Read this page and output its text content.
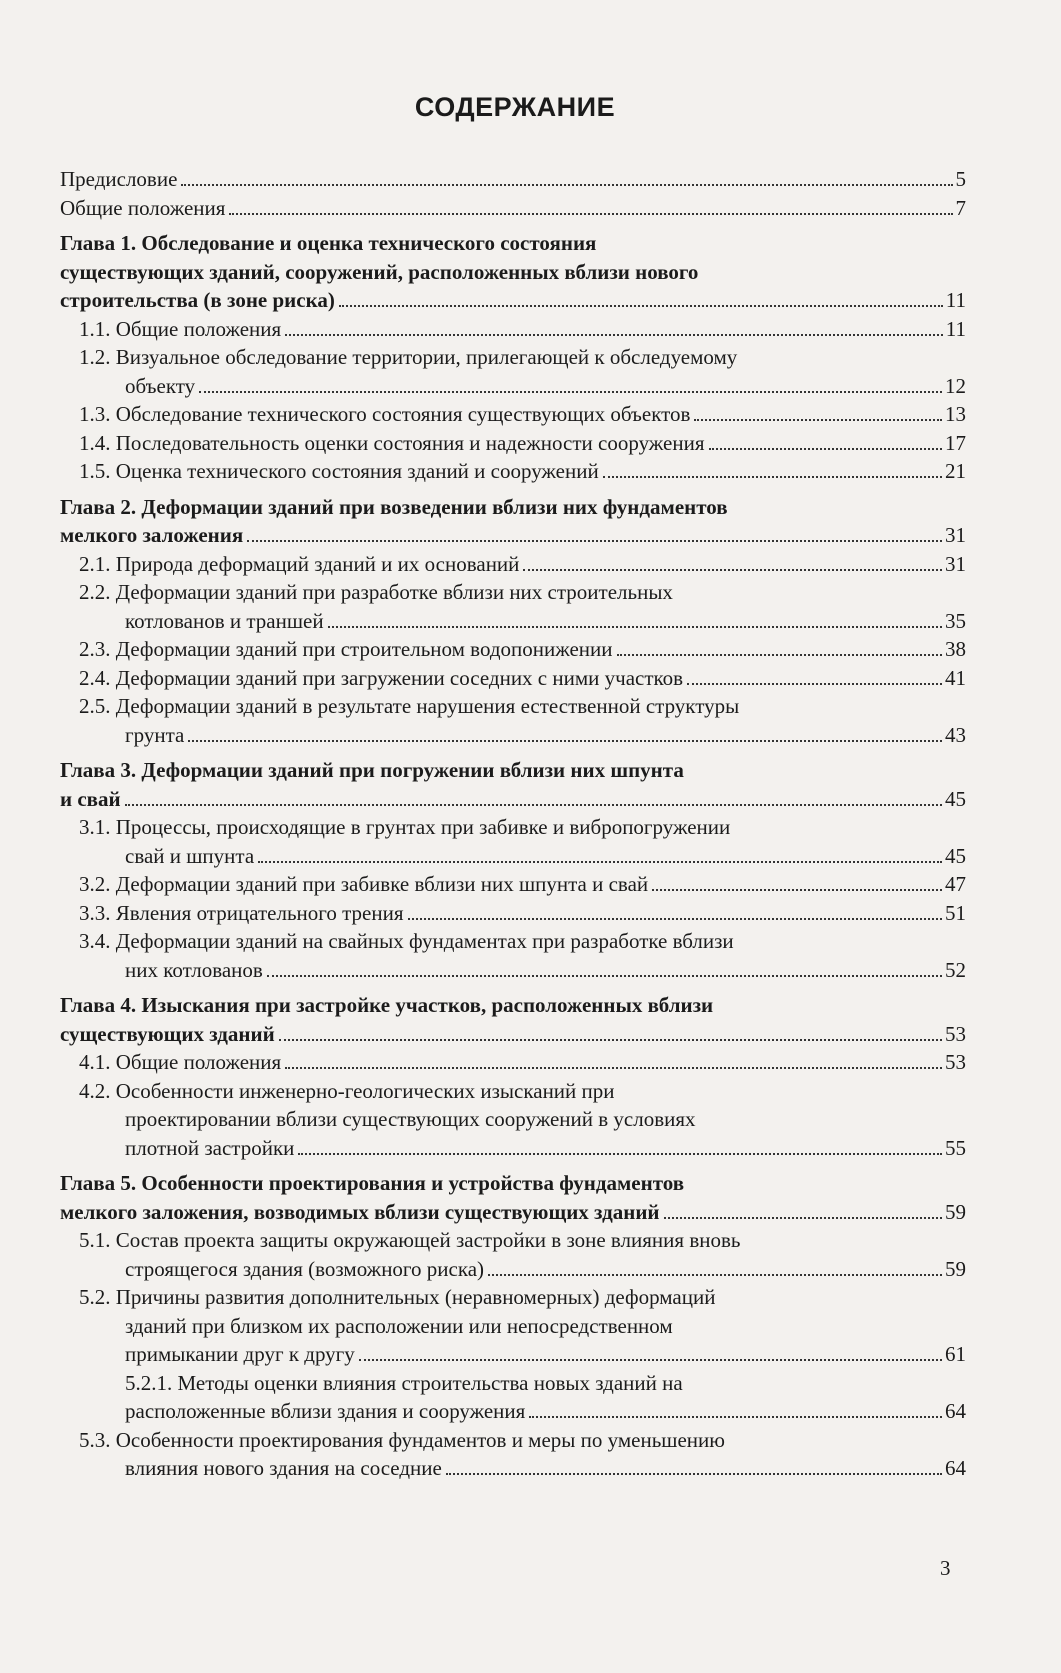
СОДЕРЖАНИЕ
Предисловие	5
Общие положения	7
Глава 1. Обследование и оценка технического состояния
существующих зданий, сооружений, расположенных вблизи нового
строительства (в зоне риска)	11
1.1. Общие положения	11
1.2. Визуальное обследование территории, прилегающей к обследуемому
объекту	12
1.3. Обследование технического состояния существующих объектов	13
1.4. Последовательность оценки состояния и надежности сооружения	17
1.5. Оценка технического состояния зданий и сооружений	21
Глава 2. Деформации зданий при возведении вблизи них фундаментов
мелкого заложения	31
2.1. Природа деформаций зданий и их оснований	31
2.2. Деформации зданий при разработке вблизи них строительных
котлованов и траншей	35
2.3. Деформации зданий при строительном водопонижении	38
2.4. Деформации зданий при загружении соседних с ними участков	41
2.5. Деформации зданий в результате нарушения естественной структуры
грунта	43
Глава 3. Деформации зданий при погружении вблизи них шпунта
и свай	45
3.1. Процессы, происходящие в грунтах при забивке и вибропогружении
свай и шпунта	45
3.2. Деформации зданий при забивке вблизи них шпунта и свай	47
3.3. Явления отрицательного трения	51
3.4. Деформации зданий на свайных фундаментах при разработке вблизи
них котлованов	52
Глава 4. Изыскания при застройке участков, расположенных вблизи
существующих зданий	53
4.1. Общие положения	53
4.2. Особенности инженерно-геологических изысканий при
проектировании вблизи существующих сооружений в условиях
плотной застройки	55
Глава 5. Особенности проектирования и устройства фундаментов
мелкого заложения, возводимых вблизи существующих зданий	59
5.1. Состав проекта защиты окружающей застройки в зоне влияния вновь
строящегося здания (возможного риска)	59
5.2. Причины развития дополнительных (неравномерных) деформаций
зданий при близком их расположении или непосредственном
примыкании друг к другу	61
5.2.1. Методы оценки влияния строительства новых зданий на
расположенные вблизи здания и сооружения	64
5.3. Особенности проектирования фундаментов и меры по уменьшению
влияния нового здания на соседние	64
3
